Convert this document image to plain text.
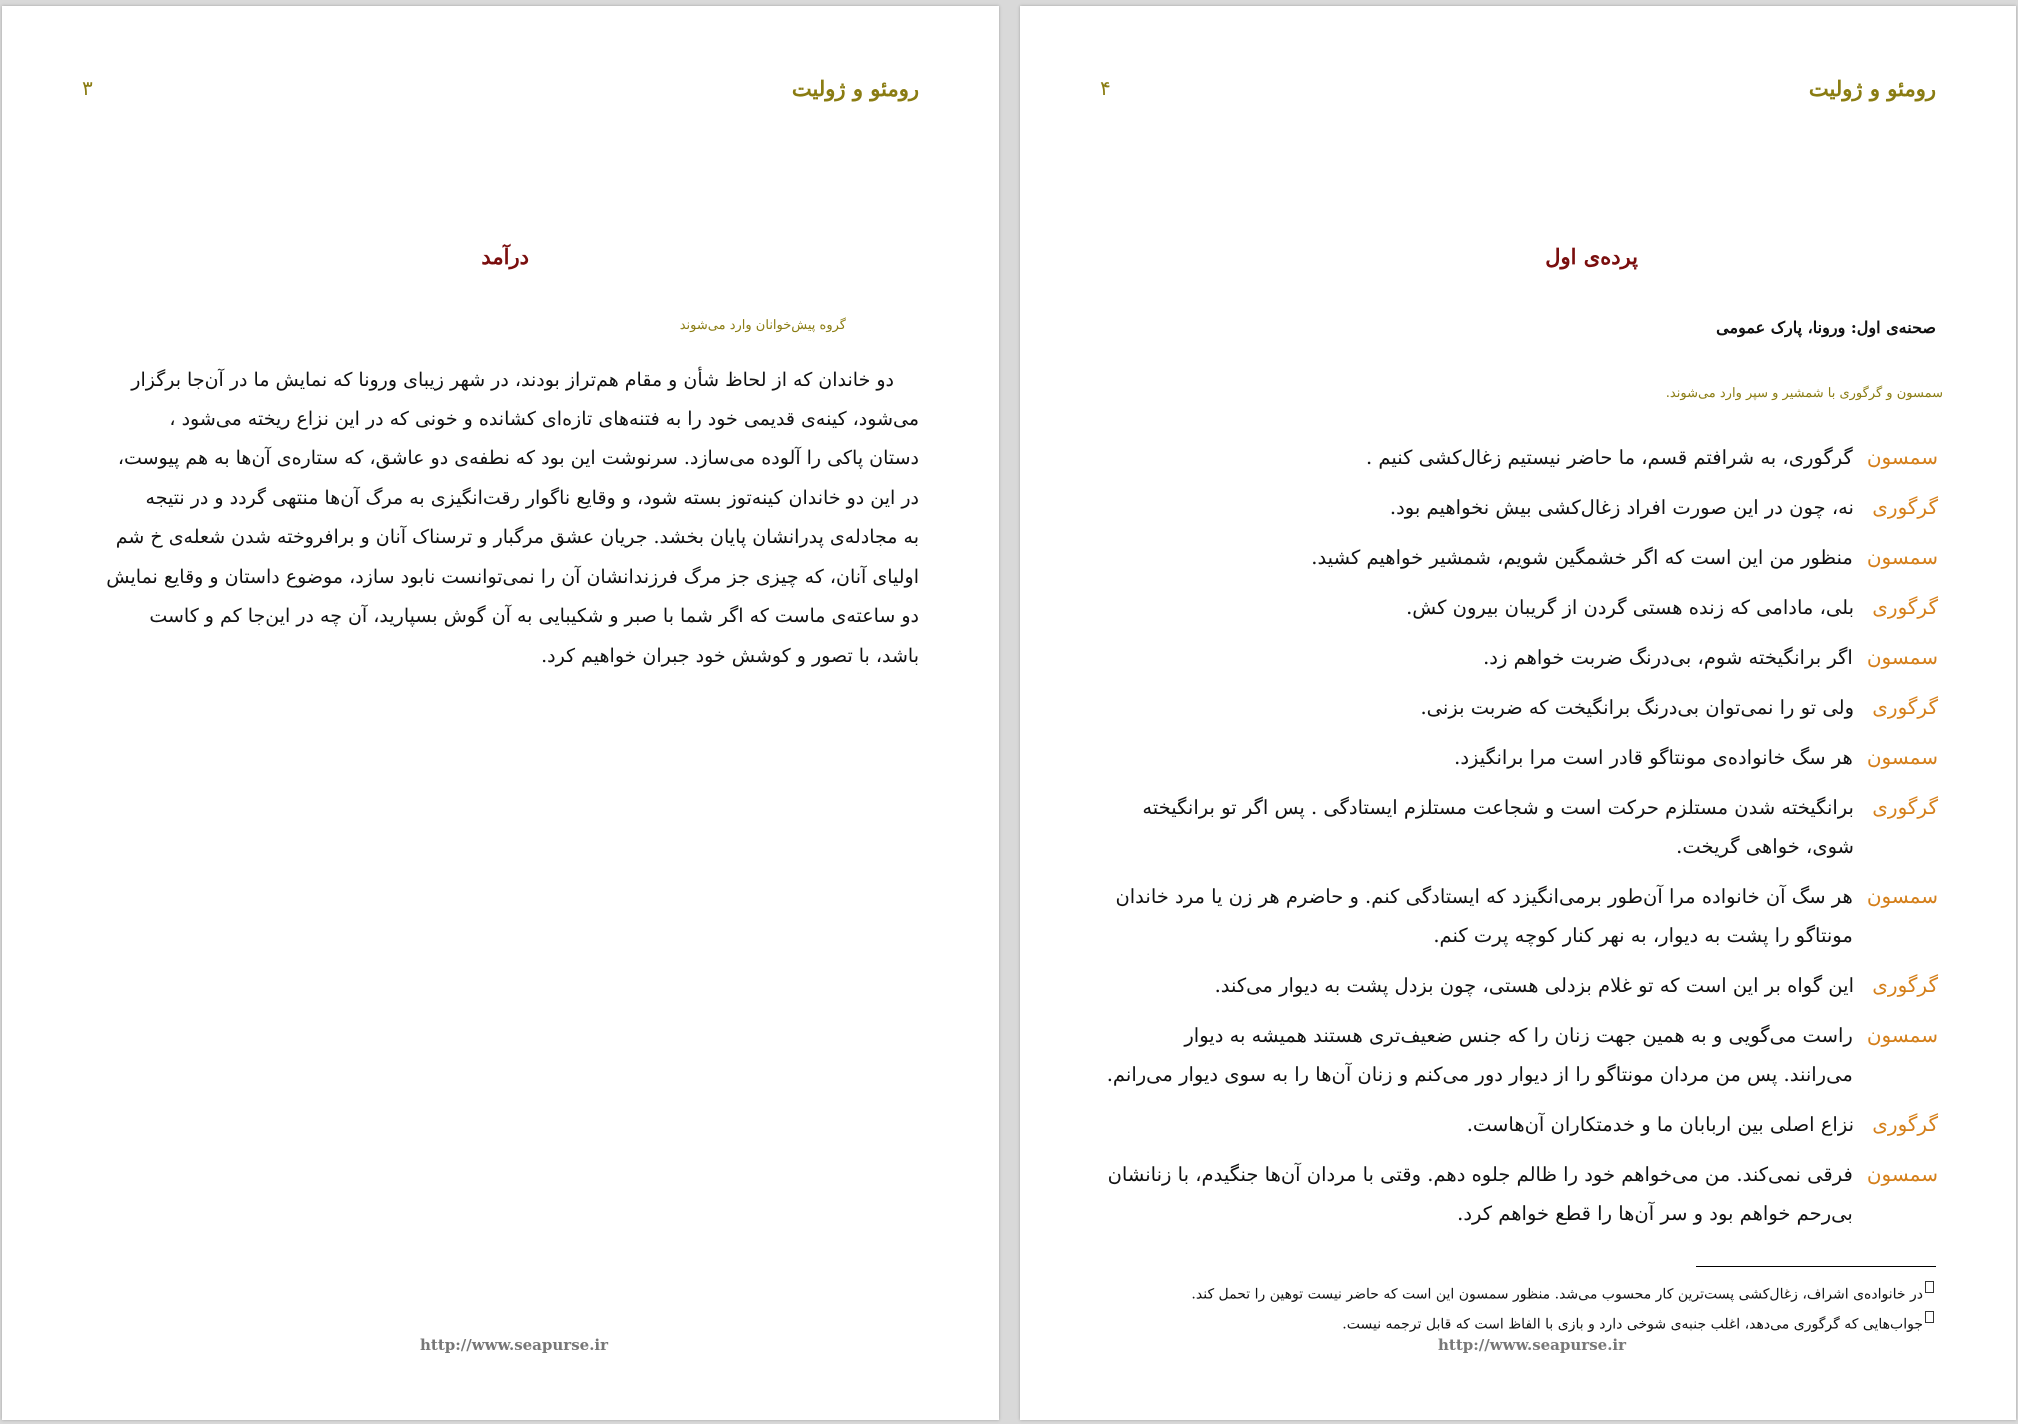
رومئو و ژولیت
۳
درآمد
گروه پیش‌خوانان وارد می‌شوند
دو خاندان که از لحاظ شأن و مقام هم‌تراز بودند، در شهر زیبای ورونا که نمایش ما در آن‌جا برگزار
می‌شود، کینه‌ی قدیمی خود را به فتنه‌های تازه‌ای کشانده و خونی که در این نزاع ریخته می‌شود ،
دستان پاکی را آلوده می‌سازد. سرنوشت این بود که نطفه‌ی دو عاشق، که ستاره‌ی آن‌ها به هم پیوست،
در این دو خاندان کینه‌توز بسته شود، و وقایع ناگوار رقت‌انگیزی به مرگ آن‌ها منتهی گردد و در نتیجه
به مجادله‌ی پدرانشان پایان بخشد. جریان عشق مرگبار و ترسناک آنان و برافروخته شدن شعله‌ی خ شم
اولیای آنان، که چیزی جز مرگ فرزندانشان آن را نمی‌توانست نابود سازد، موضوع داستان و وقایع نمایش
دو ساعته‌ی ماست که اگر شما با صبر و شکیبایی به آن گوش بسپارید، آن چه در این‌جا کم و کاست
باشد، با تصور و کوشش خود جبران خواهیم کرد.
http://www.seapurse.ir
رومئو و ژولیت
۴
پرده‌ی اول
صحنه‌ی اول: ورونا، پارک عمومی
سمسون و گرگوری با شمشیر و سپر وارد می‌شوند.
سمسون
گرگوری، به شرافتم قسم، ما حاضر نیستیم زغال‌کشی کنیم .
گرگوری
نه، چون در این صورت افراد زغال‌کشی بیش نخواهیم بود.
سمسون
منظور من این است که اگر خشمگین شویم، شمشیر خواهیم کشید.
گرگوری
بلی، مادامی که زنده هستی گردن از گریبان بیرون کش.
سمسون
اگر برانگیخته شوم، بی‌درنگ ضربت خواهم زد.
گرگوری
ولی تو را نمی‌توان بی‌درنگ برانگیخت که ضربت بزنی.
سمسون
هر سگ خانواده‌ی مونتاگو قادر است مرا برانگیزد.
گرگوری
برانگیخته شدن مستلزم حرکت است و شجاعت مستلزم ایستادگی . پس اگر تو برانگیخته
شوی، خواهی گریخت.
سمسون
هر سگ آن خانواده مرا آن‌طور برمی‌انگیزد که ایستادگی کنم. و حاضرم هر زن یا مرد خاندان
مونتاگو را پشت به دیوار، به نهر کنار کوچه پرت کنم.
گرگوری
این گواه بر این است که تو غلام بزدلی هستی، چون بزدل پشت به دیوار می‌کند.
سمسون
راست می‌گویی و به همین جهت زنان را که جنس ضعیف‌تری هستند همیشه به دیوار
می‌رانند. پس من مردان مونتاگو را از دیوار دور می‌کنم و زنان آن‌ها را به سوی دیوار می‌رانم.
گرگوری
نزاع اصلی بین اربابان ما و خدمتکاران آن‌هاست.
سمسون
فرقی نمی‌کند. من می‌خواهم خود را ظالم جلوه دهم. وقتی با مردان آن‌ها جنگیدم، با زنانشان
بی‌رحم خواهم بود و سر آن‌ها را قطع خواهم کرد.
در خانواده‌ی اشراف، زغال‌کشی پست‌ترین کار محسوب می‌شد. منظور سمسون این است که حاضر نیست توهین را تحمل کند.
جواب‌هایی که گرگوری می‌دهد، اغلب جنبه‌ی شوخی دارد و بازی با الفاظ است که قابل ترجمه نیست.
http://www.seapurse.ir
